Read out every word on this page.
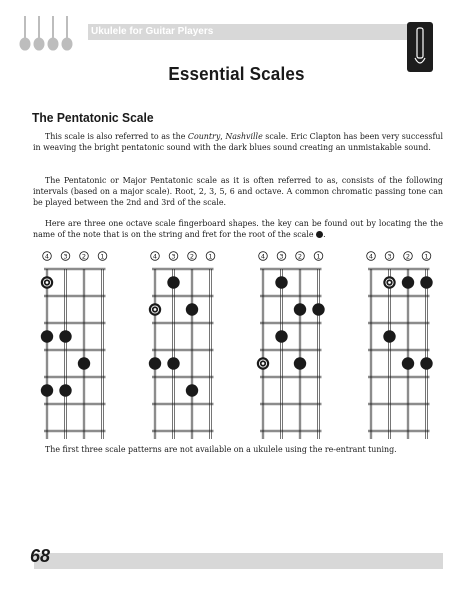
Ukulele for Guitar Players
Essential Scales
The Pentatonic Scale

This scale is also referred to as the Country, Nashville scale. Eric Clapton has been very successful in weaving the bright pentatonic sound with the dark blues sound creating an unmistakable sound.

The Pentatonic or Major Pentatonic scale as it is often referred to as, consists of the following intervals (based on a major scale). Root, 2, 3, 5, 6 and octave. A common chromatic passing tone can be played between the 2nd and 3rd of the scale.

Here are three one octave scale fingerboard shapes. the key can be found out by locating the the name of the note that is on the string and fret for the root of the scale .

4 3 2 1	4 3 2 1	4 3 2 1	4 3 2 1

The first three scale patterns are not available on a ukulele using the re-entrant tuning.

68
